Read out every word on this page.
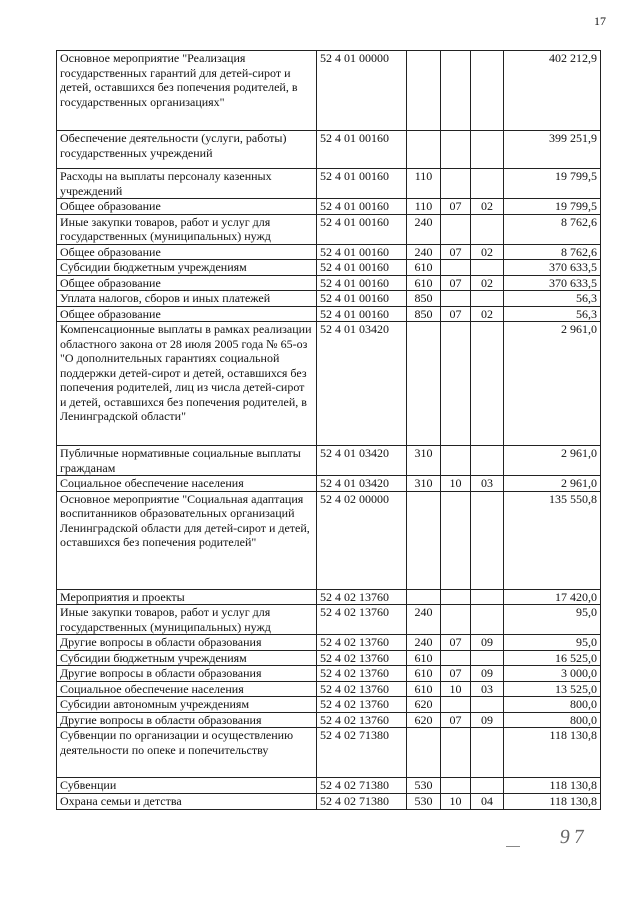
17
Основное мероприятие "Реализация государственных гарантий для детей-сирот и детей, оставшихся без попечения родителей, в государственных организациях"	52 4 01 00000				402 212,9
Обеспечение деятельности (услуги, работы) государственных учреждений	52 4 01 00160				399 251,9
Расходы на выплаты персоналу казенных учреждений	52 4 01 00160	110			19 799,5
Общее образование	52 4 01 00160	110	07	02	19 799,5
Иные закупки товаров, работ и услуг для государственных (муниципальных) нужд	52 4 01 00160	240			8 762,6
Общее образование	52 4 01 00160	240	07	02	8 762,6
Субсидии бюджетным учреждениям	52 4 01 00160	610			370 633,5
Общее образование	52 4 01 00160	610	07	02	370 633,5
Уплата налогов, сборов и иных платежей	52 4 01 00160	850			56,3
Общее образование	52 4 01 00160	850	07	02	56,3
Компенсационные выплаты в рамках реализации областного закона от 28 июля 2005 года № 65-оз "О дополнительных гарантиях социальной поддержки детей-сирот и детей, оставшихся без попечения родителей, лиц из числа детей-сирот и детей, оставшихся без попечения родителей, в Ленинградской области"	52 4 01 03420				2 961,0
Публичные нормативные социальные выплаты гражданам	52 4 01 03420	310			2 961,0
Социальное обеспечение населения	52 4 01 03420	310	10	03	2 961,0
Основное мероприятие "Социальная адаптация воспитанников образовательных организаций Ленинградской области для детей-сирот и детей, оставшихся без попечения родителей"	52 4 02 00000				135 550,8
Мероприятия и проекты	52 4 02 13760				17 420,0
Иные закупки товаров, работ и услуг для государственных (муниципальных) нужд	52 4 02 13760	240			95,0
Другие вопросы в области образования	52 4 02 13760	240	07	09	95,0
Субсидии бюджетным учреждениям	52 4 02 13760	610			16 525,0
Другие вопросы в области образования	52 4 02 13760	610	07	09	3 000,0
Социальное обеспечение населения	52 4 02 13760	610	10	03	13 525,0
Субсидии автономным учреждениям	52 4 02 13760	620			800,0
Другие вопросы в области образования	52 4 02 13760	620	07	09	800,0
Субвенции по организации и осуществлению деятельности по опеке и попечительству	52 4 02 71380				118 130,8
Субвенции	52 4 02 71380	530			118 130,8
Охрана семьи и детства	52 4 02 71380	530	10	04	118 130,8
97
